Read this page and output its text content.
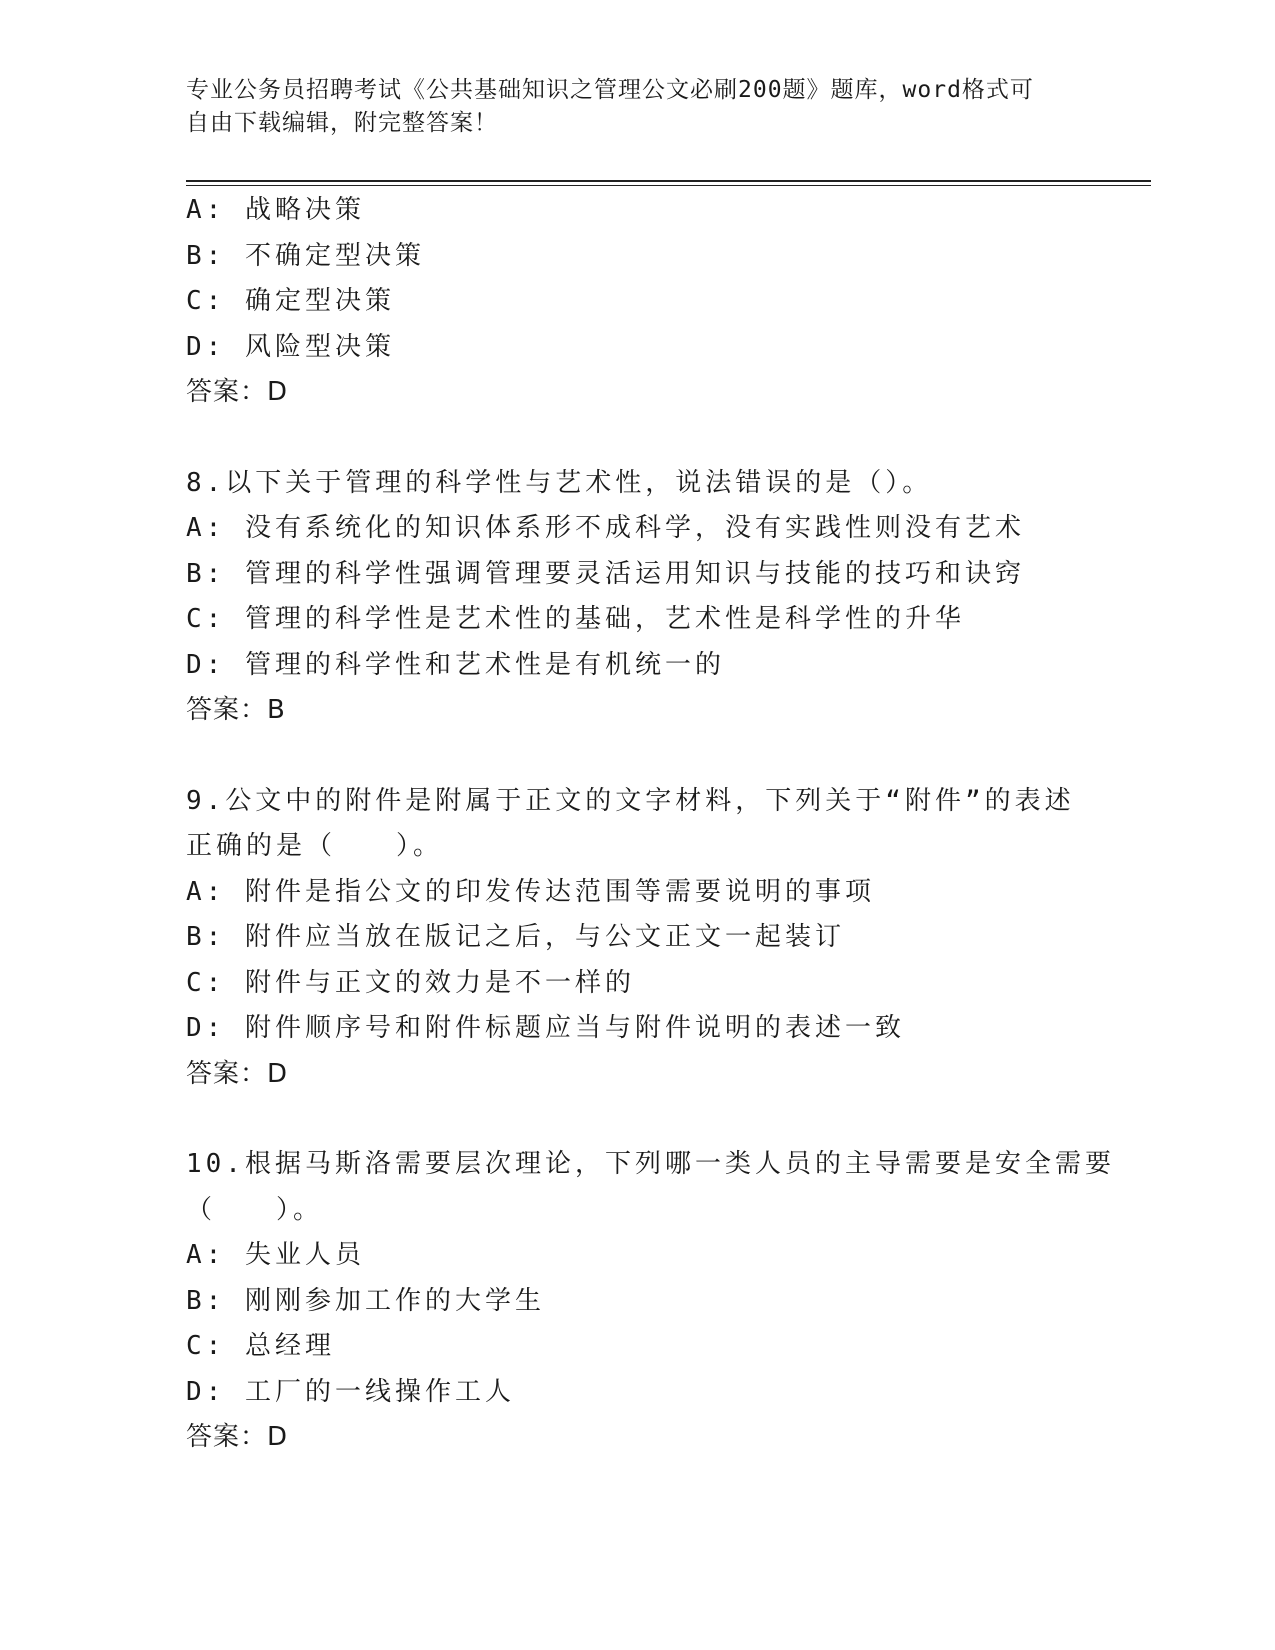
专业公务员招聘考试《公共基础知识之管理公文必刷200题》题库，word格式可
自由下载编辑，附完整答案！
A: 战略决策
B: 不确定型决策
C: 确定型决策
D: 风险型决策
答案：D
8.以下关于管理的科学性与艺术性，说法错误的是（）。
A: 没有系统化的知识体系形不成科学，没有实践性则没有艺术
B: 管理的科学性强调管理要灵活运用知识与技能的技巧和诀窍
C: 管理的科学性是艺术性的基础，艺术性是科学性的升华
D: 管理的科学性和艺术性是有机统一的
答案：B
9.公文中的附件是附属于正文的文字材料，下列关于“附件”的表述
正确的是（　　）。
A: 附件是指公文的印发传达范围等需要说明的事项
B: 附件应当放在版记之后，与公文正文一起装订
C: 附件与正文的效力是不一样的
D: 附件顺序号和附件标题应当与附件说明的表述一致
答案：D
10.根据马斯洛需要层次理论，下列哪一类人员的主导需要是安全需要
（　　）。
A: 失业人员
B: 刚刚参加工作的大学生
C: 总经理
D: 工厂的一线操作工人
答案：D
